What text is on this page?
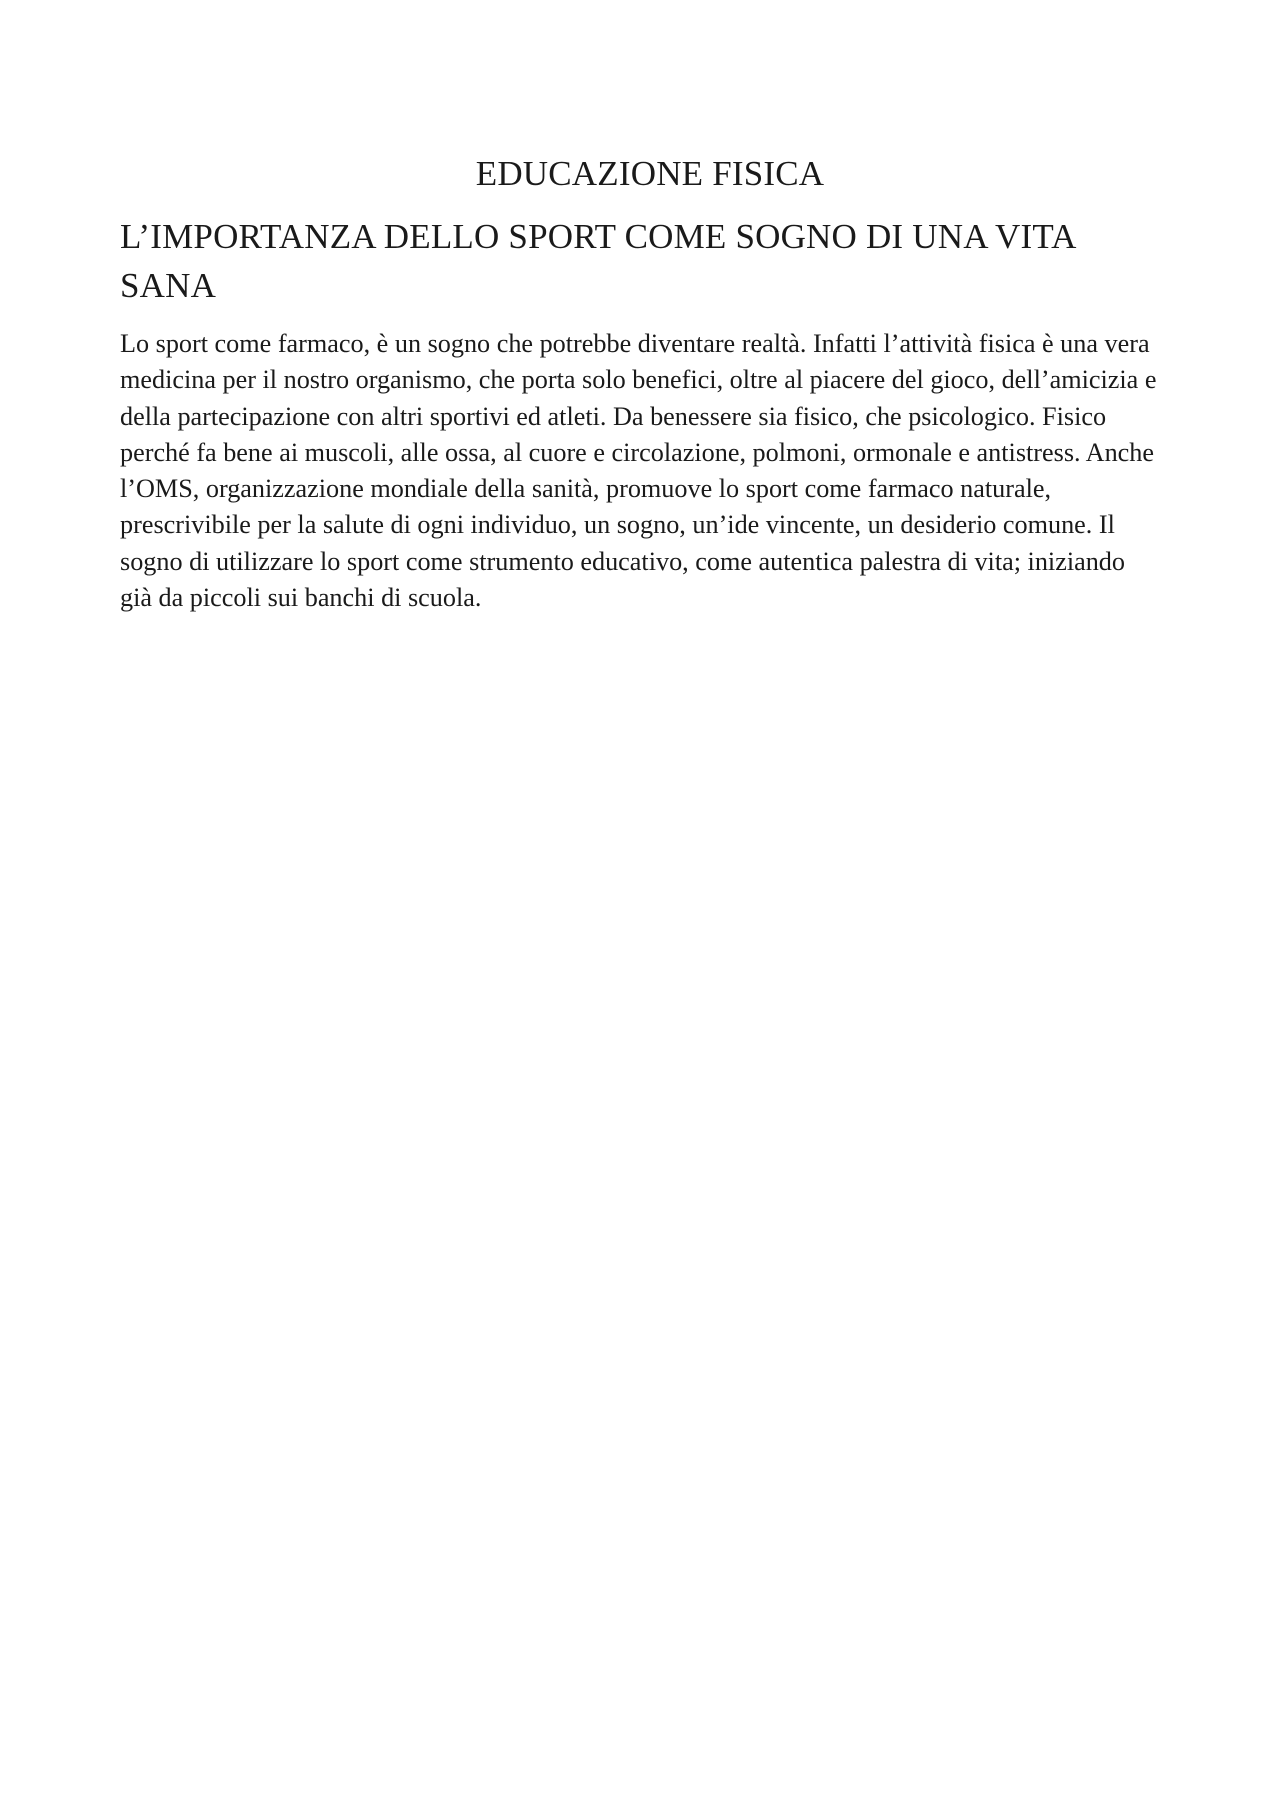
EDUCAZIONE FISICA
L’IMPORTANZA DELLO SPORT COME SOGNO DI UNA VITA SANA

Lo sport come farmaco, è un sogno che potrebbe diventare realtà. Infatti l’attività fisica è una vera medicina per il nostro organismo, che porta solo benefici, oltre al piacere del gioco, dell’amicizia e della partecipazione con altri sportivi ed atleti. Da benessere sia fisico, che psicologico. Fisico perché fa bene ai muscoli, alle ossa, al cuore e circolazione, polmoni, ormonale e antistress. Anche l’OMS, organizzazione mondiale della sanità, promuove lo sport come farmaco naturale, prescrivibile per la salute di ogni individuo, un sogno, un’ide vincente, un desiderio comune. Il sogno di utilizzare lo sport come strumento educativo, come autentica palestra di vita; iniziando già da piccoli sui banchi di scuola.
